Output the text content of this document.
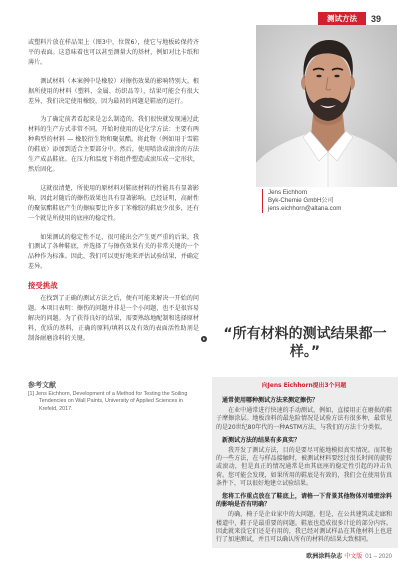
测试方法	39

或塑料片放在样品架上（图3中，位置6），使它与地板砖保持齐平的表面。这意味着也可以甚至测量大的基材，例如对比卡纸和薄片。

测试材料（本案例中是橡胶）对擦伤效果的影响特别大。根据所使用的材料（塑料、金属、纺织品等），结果可能会有很大差异，我们决定使用橡胶，因为最初的问题是鞋底的运行。

为了确定前者看起来是怎么制造的，我们很快就发现通过此材料的生产方式非常不同。开始时使用的是化学方法：主要有两种典型的材料 — 橡胶衍生物和聚氨酯。将此物（例如用于雪鞋的鞋底）添加到适合主要部分中。然后，使用喷涂或滚涂的方法生产成品鞋底。在压力和温度下将组件塑造或滚压成一定形状，然后固化。

这就很清楚，所使用的原材料对鞋底材料的性能具有显著影响，因此对随后的擦伤效果也具有显著影响。已经证明，高耐性的聚氨酯鞋底产生的擦痕要比许多丁苯橡胶的鞋底少很多，还有一个就是所使用的底座的稳定性。

如果测试的稳定性不足，很可能出会产生更严重的后果。我们测试了各种鞋底，并选择了与擦伤效果有关的非常关键的一个品种作为标准。因此，我们可以更好地来评估试验结果，并确定差异。

接受挑战

在找到了正确的测试方法之后，便有可能来解决一开始的问题。本项目表明：擦伤的问题并非是一个小问题，也不是很容易解决的问题。为了获得良好的结果，需要熟练地配制和选择原材料，优质的基料，正确的原料/填料以及有效的表面活性助剂是制备耐磨涂料的关键。

参考文献
[1] Jens Eichhorn, Development of a Method for Testing the Soiling Tendencies on Wall Paints, University of Applied Sciences in Krefeld, 2017.
Jens Eichhorn
Byk-Chemie GmbH公司
jens.eichhorn@altana.com
“所有材料的测试结果都一样。”
向Jens Eichhorn提出3个问题
通常使用哪种测试方法来测定擦伤？
在业中通常进行快速的手动测试，例如，直接用正在磨损的鞋子摩擦涂层。地板涂料的最危险情况是试验方法有很多种，最常见的是20世纪80年代的一种ASTM方法，与我们的方法十分类似。
新测试方法的结果有多真实？
我开发了测试方法，目的是要尽可能地模拟真实情况。而其他的一些方法，在与样品接触时，被测试材料要经过很长时间的旋转或滚动，但是真正的情况通常是由其底座的稳定性引起的冲击负荷。您可能会发现，如果所用的鞋底是有效的，我们会在使用仿真条件下，可以很好地建立试验结果。
您将工作重点放在了鞋底上，请格一下背景其他物体对墙壁涂料的影响是否有明确？
的确，椅子是企业家中的大问题，但是，在公共建筑或走廊和楼道中，鞋子是最重要的问题。鞋底也造成很多计论的部分内容。因此就来没它们还是有用的，我已经对测试样品在其他材料上也进行了加速测试，并且可以确认所有的材料的结果大致相同。
欧洲涂料杂志 中文版 01 – 2020
